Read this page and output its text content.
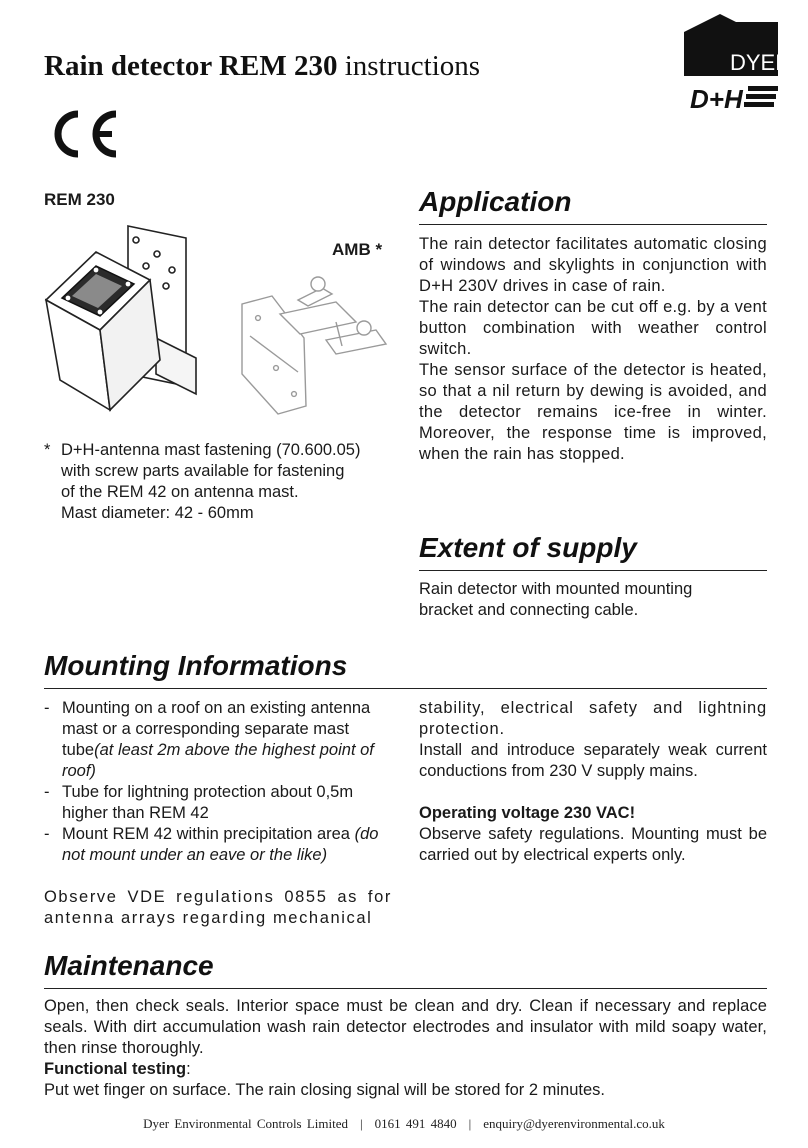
Rain detector REM 230 instructions	DYER
D+H
REM 230
AMB *
* D+H-antenna mast fastening (70.600.05)
with screw parts available for fastening
of the REM 42 on antenna mast.
Mast diameter: 42 - 60mm
Application
The rain detector facilitates automatic closing of windows and skylights in conjunction with D+H 230V drives in case of rain.
The rain detector can be cut off e.g. by a vent button combination with weather control switch.
The sensor surface of the detector is heated, so that a nil return by dewing is avoided, and the detector remains ice-free in winter. Moreover, the response time is improved, when the rain has stopped.
Extent of supply
Rain detector with mounted mounting bracket and connecting cable.
Mounting Informations
- Mounting on a roof on an existing antenna mast or a corresponding separate mast tube(at least 2m above the highest point of roof)
- Tube for lightning protection about 0,5m higher than REM 42
- Mount REM 42 within precipitation area (do not mount under an eave or the like)
Observe VDE regulations 0855 as for antenna arrays regarding mechanical
stability, electrical safety and lightning protection.
Install and introduce separately weak current conductions from 230 V supply mains.
Operating voltage 230 VAC!
Observe safety regulations. Mounting must be carried out by electrical experts only.
Maintenance
Open, then check seals. Interior space must be clean and dry. Clean if necessary and replace seals. With dirt accumulation wash rain detector electrodes and insulator with mild soapy water, then rinse thoroughly.
Functional testing:
Put wet finger on surface. The rain closing signal will be stored for 2 minutes.
Dyer Environmental Controls Limited | 0161 491 4840 | enquiry@dyerenvironmental.co.uk
